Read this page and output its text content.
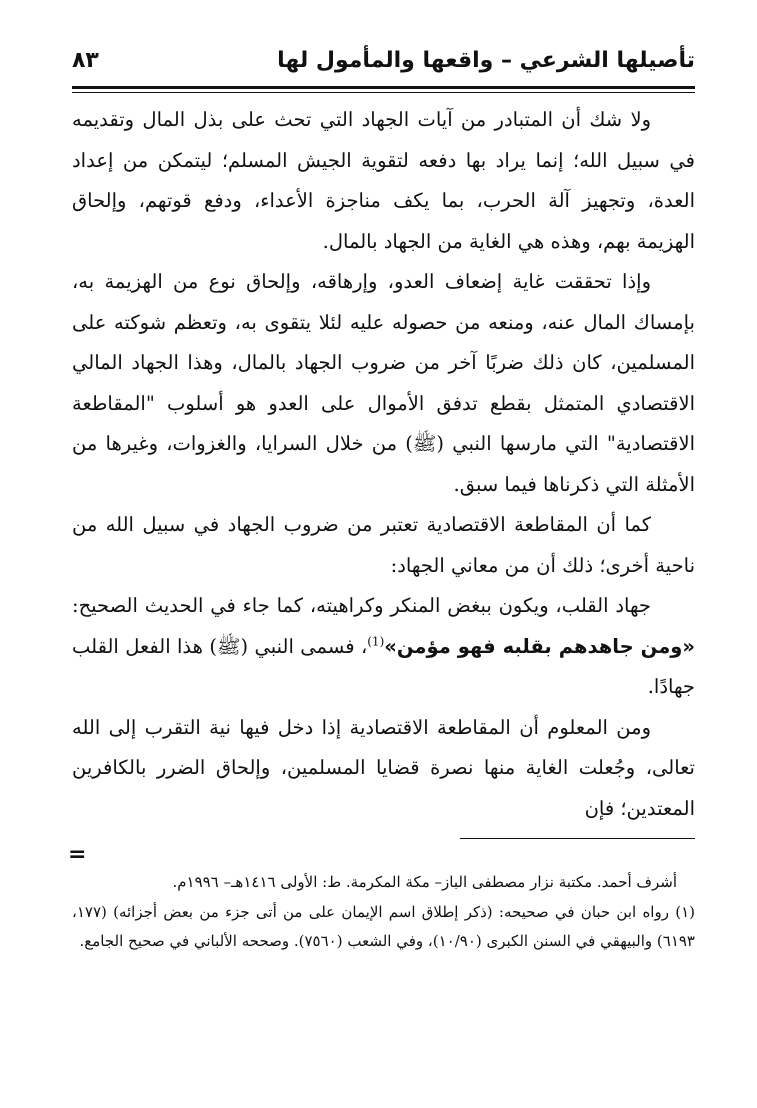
تأصيلها الشرعي – واقعها والمأمول لها
٨٣

ولا شك أن المتبادر من آيات الجهاد التي تحث على بذل المال وتقديمه في سبيل الله؛ إنما يراد بها دفعه لتقوية الجيش المسلم؛ ليتمكن من إعداد العدة، وتجهيز آلة الحرب، بما يكف مناجزة الأعداء، ودفع قوتهم، وإلحاق الهزيمة بهم، وهذه هي الغاية من الجهاد بالمال.

وإذا تحققت غاية إضعاف العدو، وإرهاقه، وإلحاق نوع من الهزيمة به، بإمساك المال عنه، ومنعه من حصوله عليه لئلا يتقوى به، وتعظم شوكته على المسلمين، كان ذلك ضربًا آخر من ضروب الجهاد بالمال، وهذا الجهاد المالي الاقتصادي المتمثل بقطع تدفق الأموال على العدو هو أسلوب "المقاطعة الاقتصادية" التي مارسها النبي (ﷺ) من خلال السرايا، والغزوات، وغيرها من الأمثلة التي ذكرناها فيما سبق.

كما أن المقاطعة الاقتصادية تعتبر من ضروب الجهاد في سبيل الله من ناحية أخرى؛ ذلك أن من معاني الجهاد:

جهاد القلب، ويكون ببغض المنكر وكراهيته، كما جاء في الحديث الصحيح: «ومن جاهدهم بقلبه فهو مؤمن»$^{(1)}$، فسمى النبي (ﷺ) هذا الفعل القلب جهادًا.

ومن المعلوم أن المقاطعة الاقتصادية إذا دخل فيها نية التقرب إلى الله تعالى، وجُعلت الغاية منها نصرة قضايا المسلمين، وإلحاق الضرر بالكافرين المعتدين؛ فإن

=

أشرف أحمد. مكتبة نزار مصطفى الباز– مكة المكرمة. ط: الأولى ١٤١٦هـ– ١٩٩٦م.

(١) رواه ابن حبان في صحيحه: (ذكر إطلاق اسم الإيمان على من أتى جزء من بعض أجزائه) (١٧٧، ٦١٩٣) والبيهقي في السنن الكبرى (١٠/٩٠)، وفي الشعب (٧٥٦٠). وصححه الألباني في صحيح الجامع.
